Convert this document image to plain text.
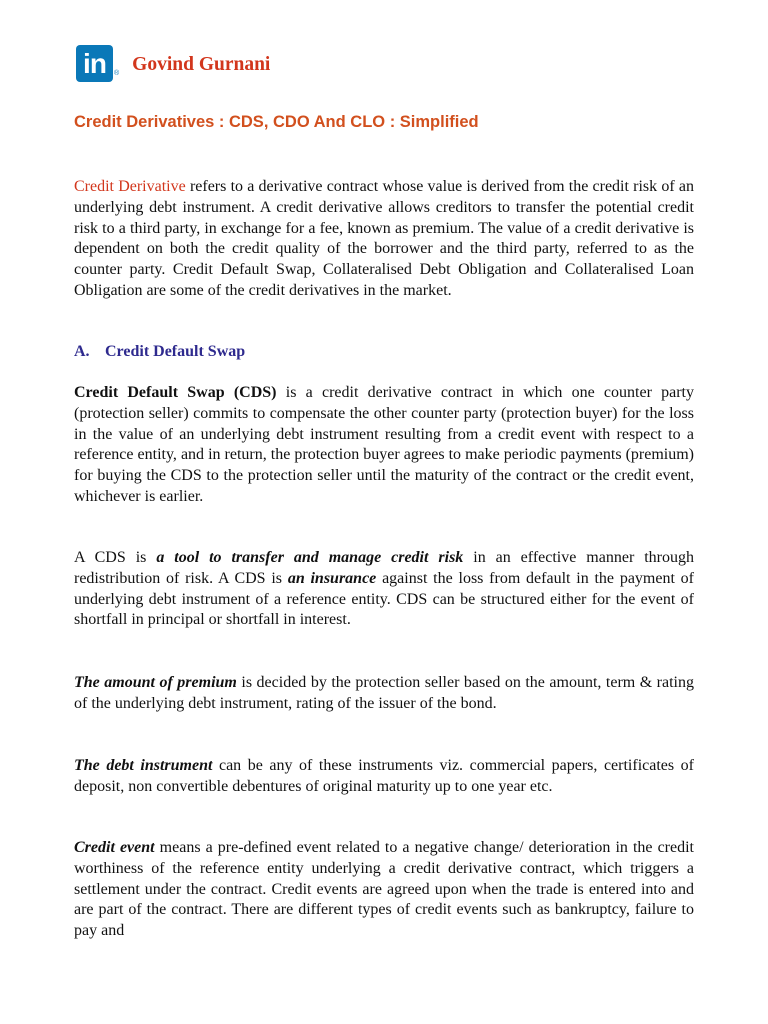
in	® Govind Gurnani
Credit Derivatives : CDS, CDO And CLO : Simplified

Credit Derivative refers to a derivative contract whose value is derived from the credit risk of an underlying debt instrument. A credit derivative allows creditors to transfer the potential credit risk to a third party, in exchange for a fee, known as premium. The value of a credit derivative is dependent on both the credit quality of the borrower and the third party, referred to as the counter party. Credit Default Swap, Collateralised Debt Obligation and Collateralised Loan Obligation are some of the credit derivatives in the market.

A. Credit Default Swap

Credit Default Swap (CDS) is a credit derivative contract in which one counter party (protection seller) commits to compensate the other counter party (protection buyer) for the loss in the value of an underlying debt instrument resulting from a credit event with respect to a reference entity, and in return, the protection buyer agrees to make periodic payments (premium) for buying the CDS to the protection seller until the maturity of the contract or the credit event, whichever is earlier.

A CDS is a tool to transfer and manage credit risk in an effective manner through redistribution of risk. A CDS is an insurance against the loss from default in the payment of underlying debt instrument of a reference entity. CDS can be structured either for the event of shortfall in principal or shortfall in interest.

The amount of premium is decided by the protection seller based on the amount, term & rating of the underlying debt instrument, rating of the issuer of the bond.

The debt instrument can be any of these instruments viz. commercial papers, certificates of deposit, non convertible debentures of original maturity up to one year etc.

Credit event means a pre-defined event related to a negative change/ deterioration in the credit worthiness of the reference entity underlying a credit derivative contract, which triggers a settlement under the contract. Credit events are agreed upon when the trade is entered into and are part of the contract. There are different types of credit events such as bankruptcy, failure to pay and
